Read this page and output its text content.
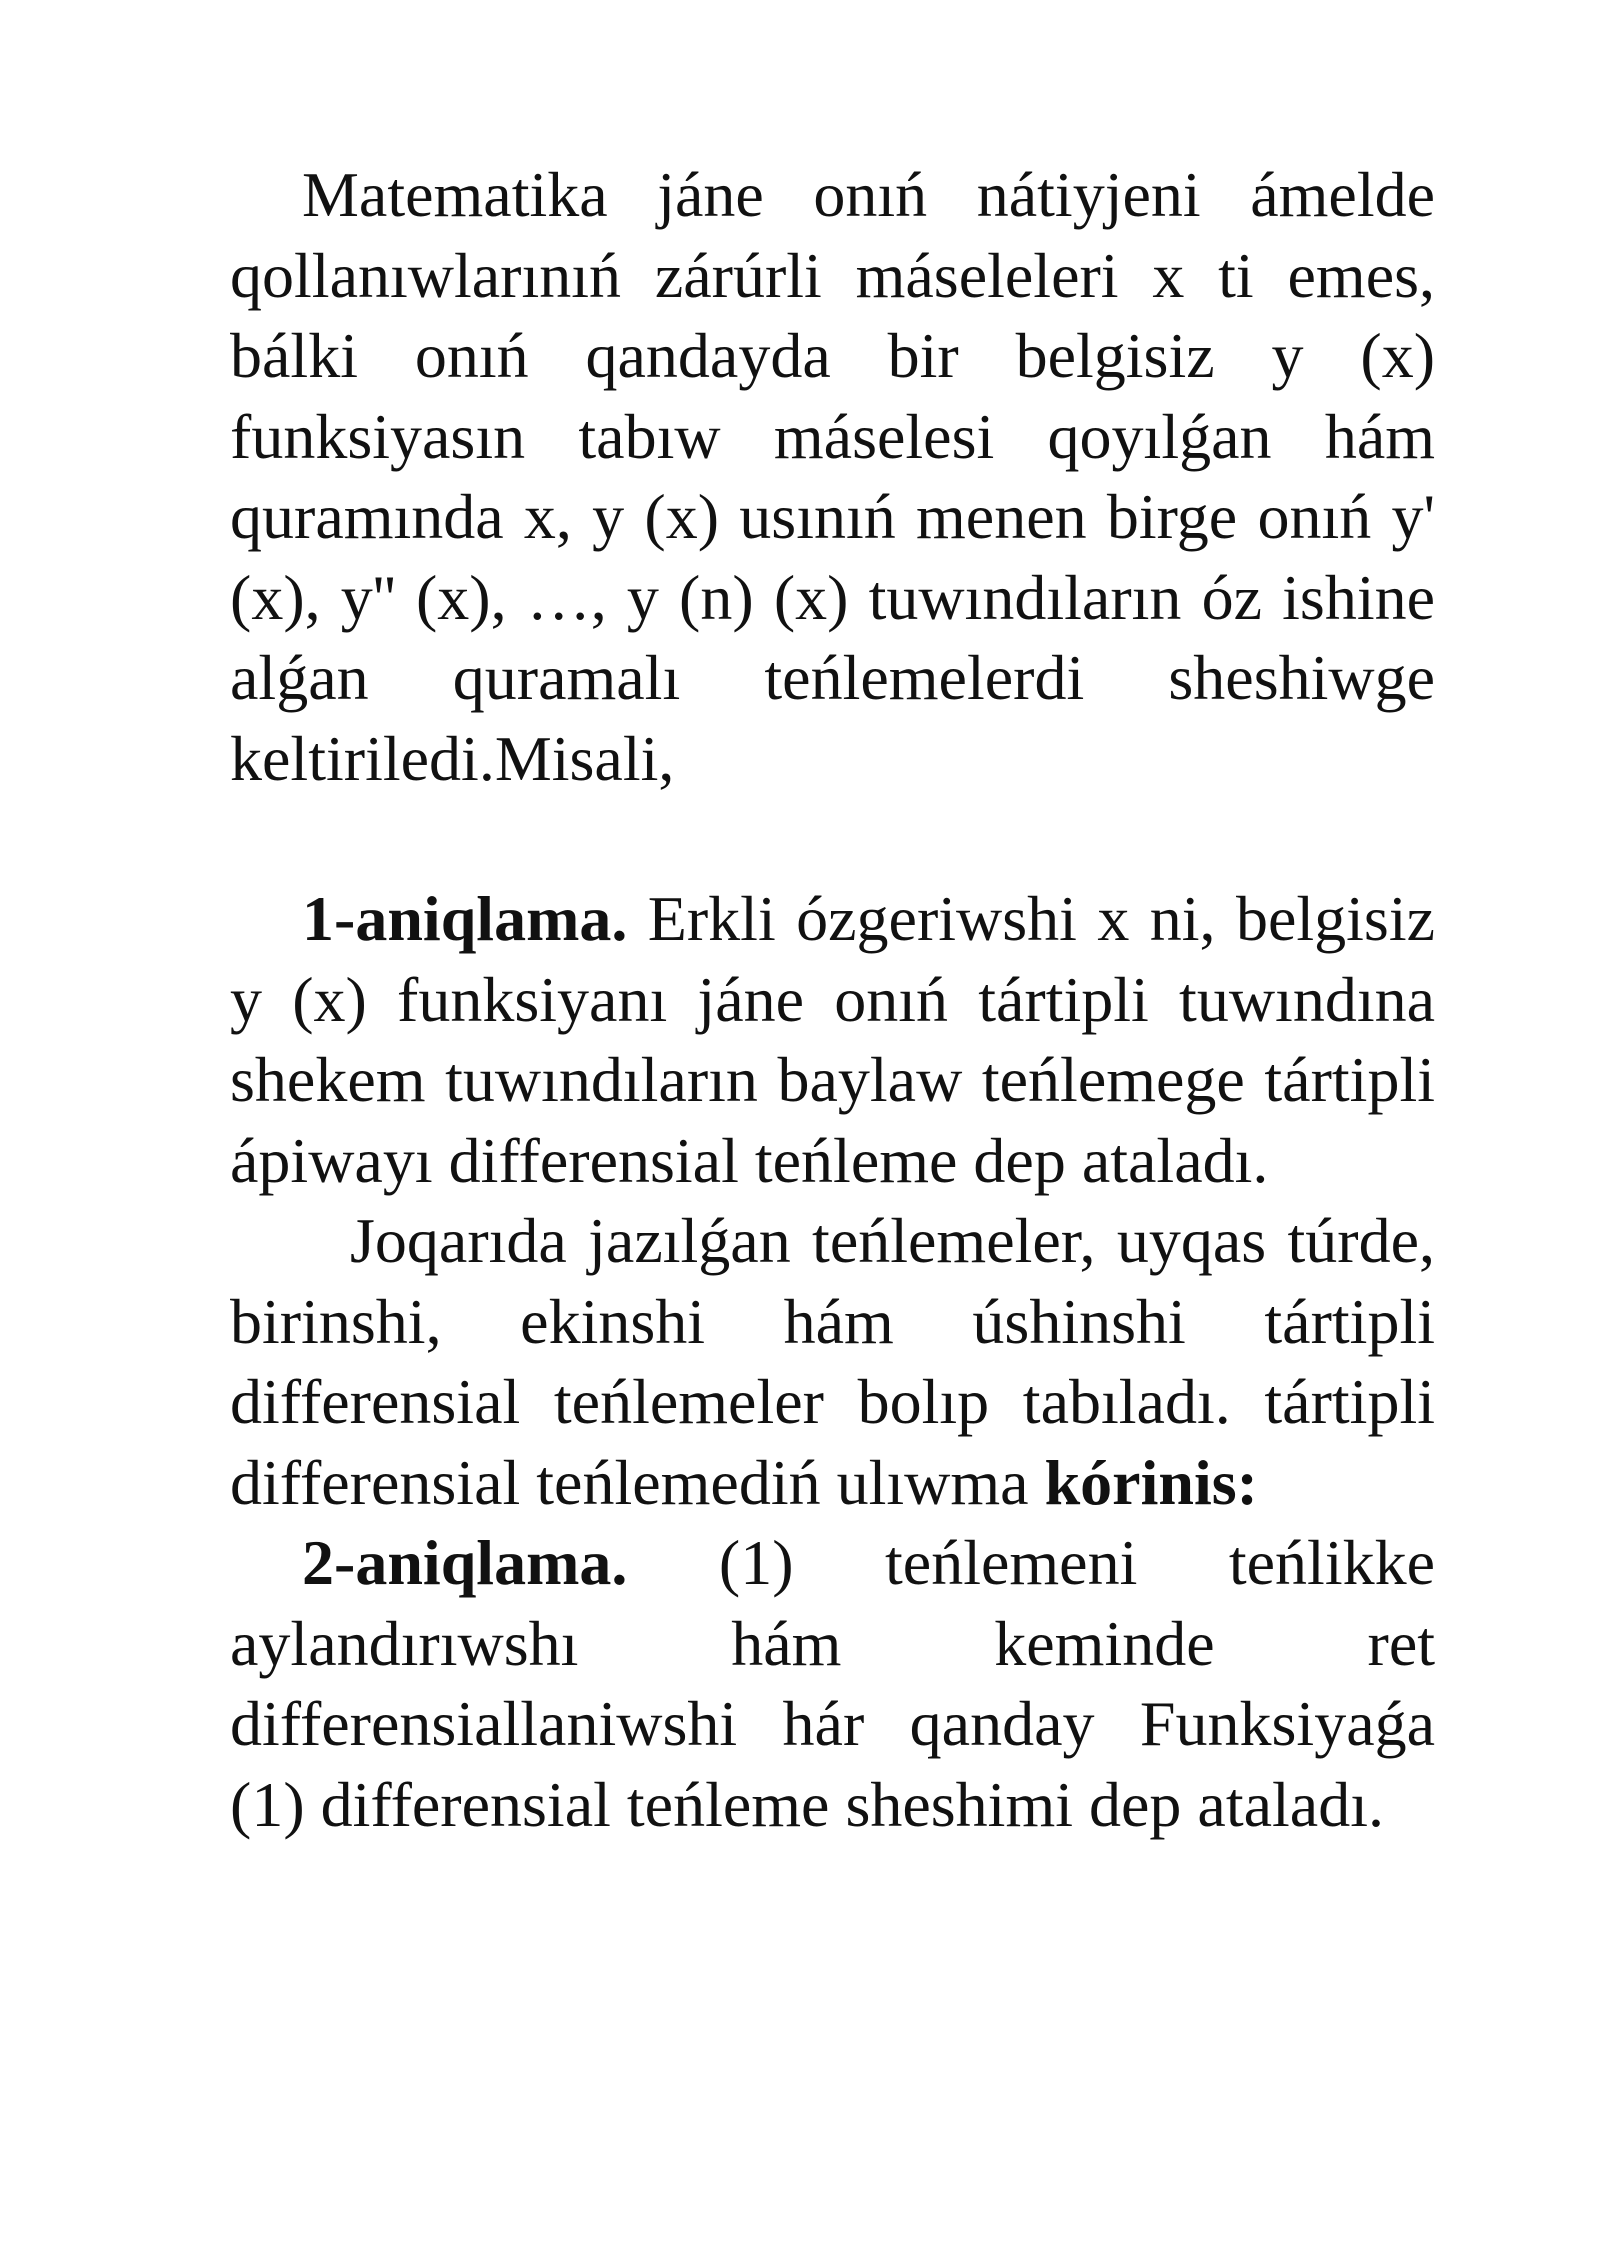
Matematika jáne onıń nátiyjeni ámelde qollanıwlarınıń zárúrli máseleleri x ti emes, bálki onıń qandayda bir belgisiz y (x) funksiyasın tabıw máselesi qoyılǵan hám quramında x, y (x) usınıń menen birge onıń y' (x), y'' (x), …, y (n) (x) tuwındıların óz ishine alǵan quramalı teńlemelerdi sheshiwge keltiriledi.Misali,

1-aniqlama. Erkli ózgeriwshi x ni, belgisiz y (x) funksiyanı jáne onıń tártipli tuwındına shekem tuwındıların baylaw teńlemege tártipli ápiwayı differensial teńleme dep ataladı.

Joqarıda jazılǵan teńlemeler, uyqas túrde, birinshi, ekinshi hám úshinshi tártipli differensial teńlemeler bolıp tabıladı. tártipli differensial teńlemediń ulıwma kórinis:

2-aniqlama. (1) teńlemeni teńlikke aylandırıwshı hám keminde ret differensiallaniwshi hár qanday Funksiyaǵa (1) differensial teńleme sheshimi dep ataladı.
